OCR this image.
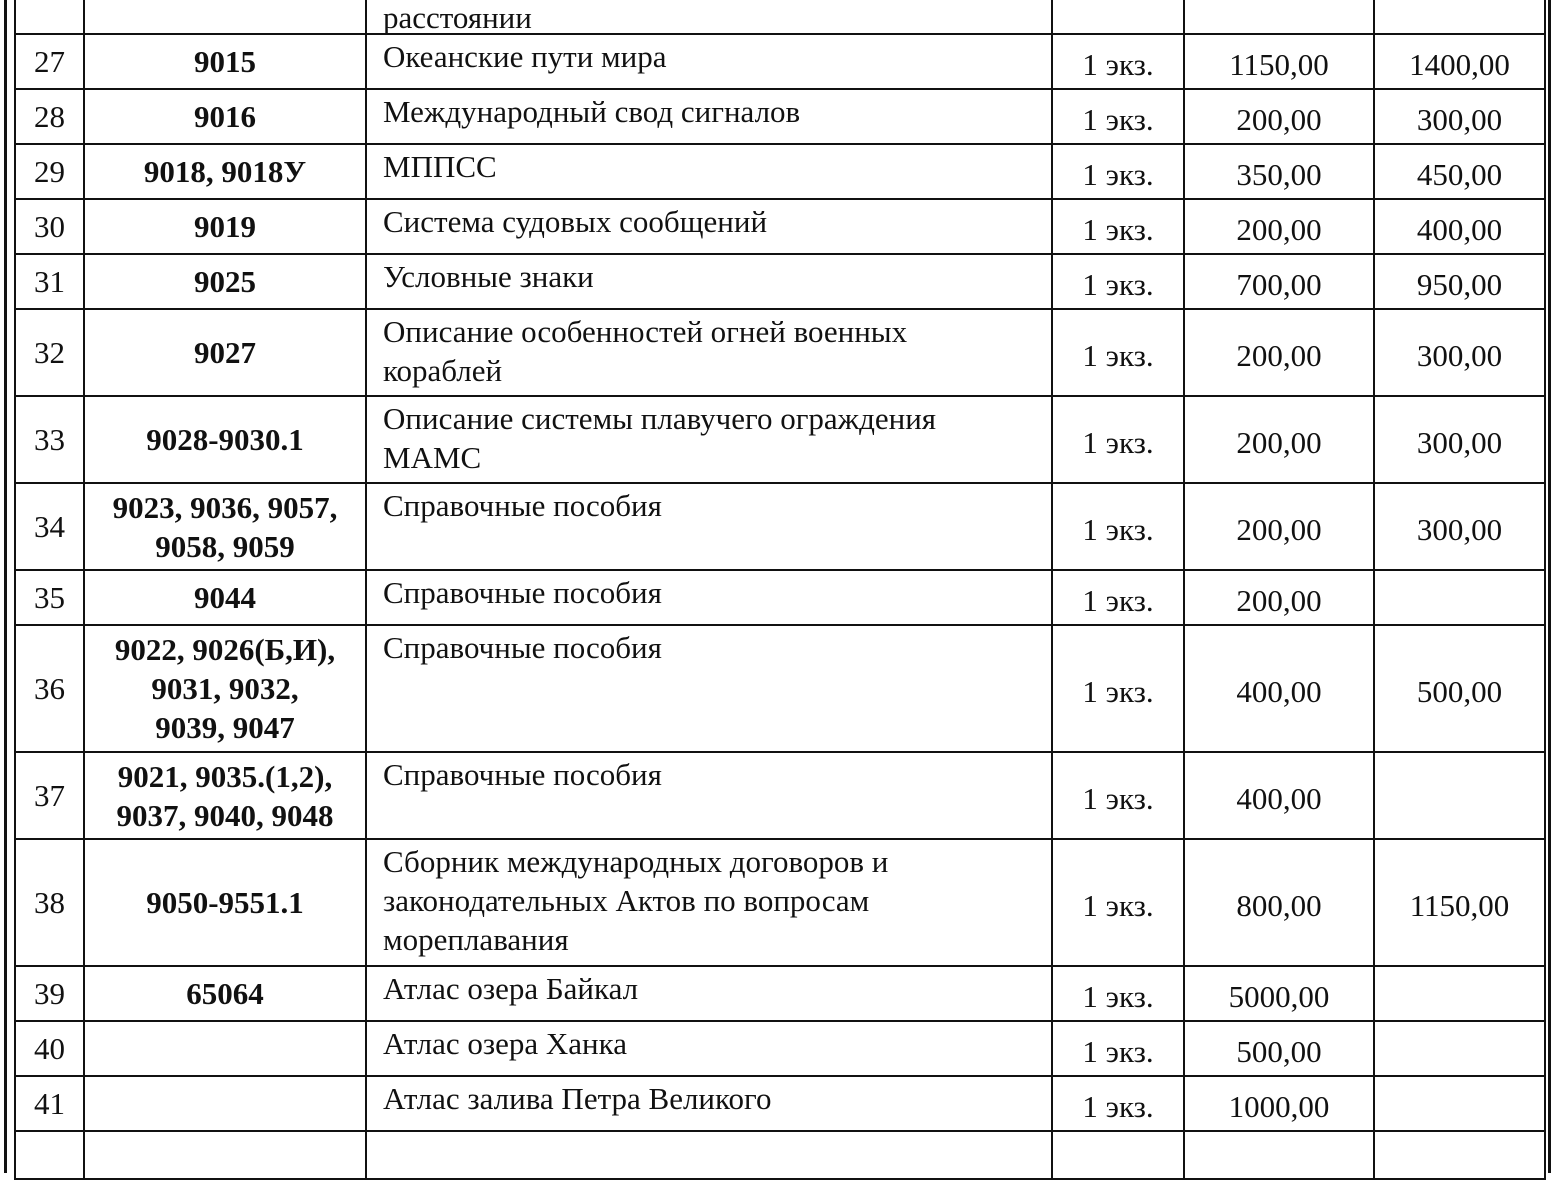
		расстоянии			
27	9015	Океанские пути мира	1 экз.	1150,00	1400,00
28	9016	Международный свод сигналов	1 экз.	200,00	300,00
29	9018, 9018У	МППСС	1 экз.	350,00	450,00
30	9019	Система судовых сообщений	1 экз.	200,00	400,00
31	9025	Условные знаки	1 экз.	700,00	950,00
32	9027	Описание особенностей огней военных
кораблей	1 экз.	200,00	300,00
33	9028-9030.1	Описание системы плавучего ограждения
МАМС	1 экз.	200,00	300,00
34	9023, 9036, 9057,
9058, 9059	Справочные пособия	1 экз.	200,00	300,00
35	9044	Справочные пособия	1 экз.	200,00	
36	9022, 9026(Б,И),
9031, 9032,
9039, 9047	Справочные пособия	1 экз.	400,00	500,00
37	9021, 9035.(1,2),
9037, 9040, 9048	Справочные пособия	1 экз.	400,00	
38	9050-9551.1	Сборник международных договоров и
законодательных Актов по вопросам
мореплавания	1 экз.	800,00	1150,00
39	65064	Атлас озера Байкал	1 экз.	5000,00	
40		Атлас озера Ханка	1 экз.	500,00	
41		Атлас залива Петра Великого	1 экз.	1000,00	
